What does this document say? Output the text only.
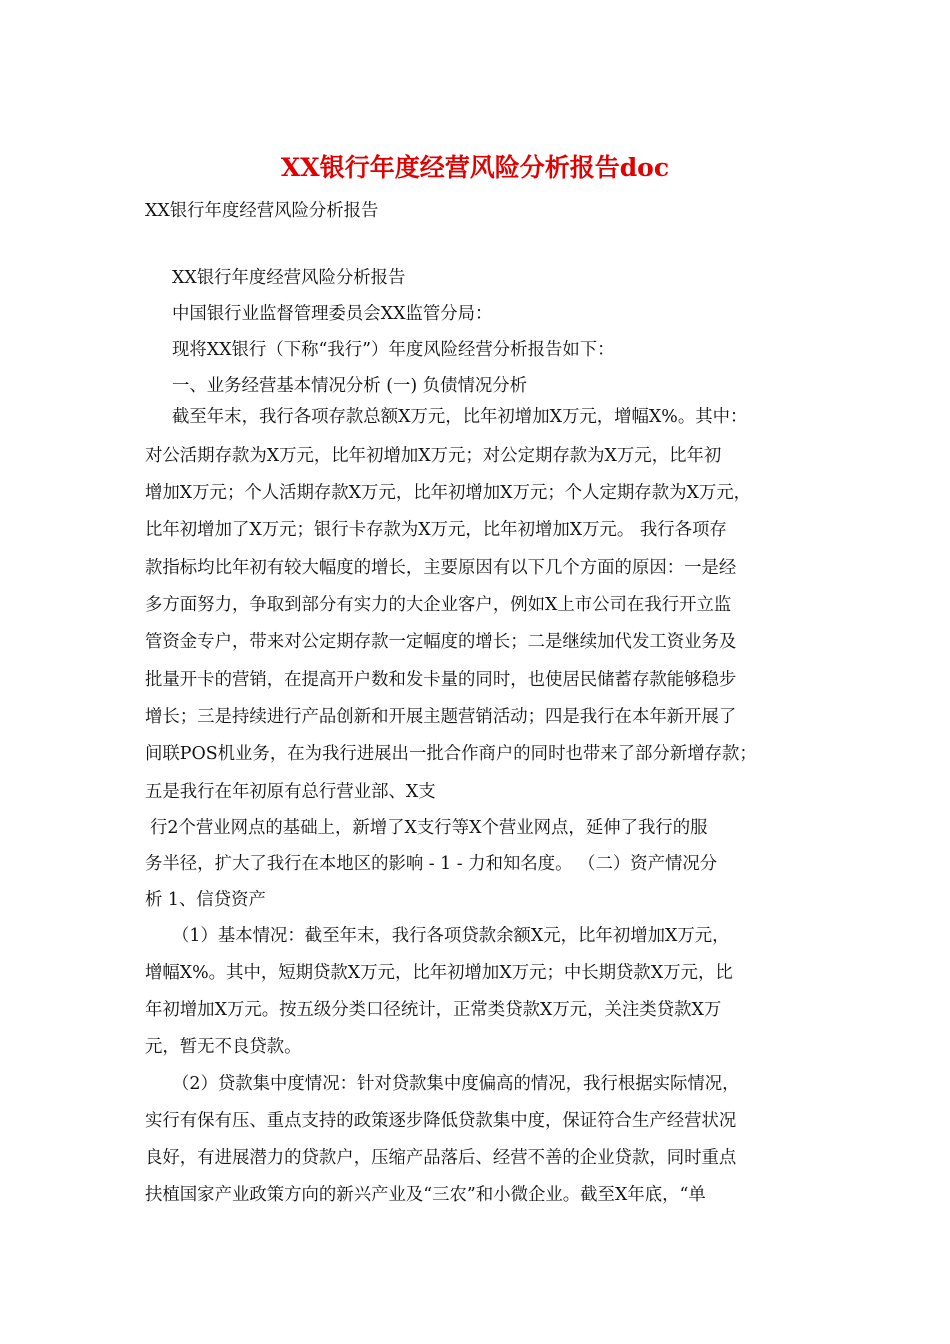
XX银行年度经营风险分析报告doc

XX银行年度经营风险分析报告

XX银行年度经营风险分析报告

中国银行业监督管理委员会XX监管分局：

现将XX银行（下称“我行”）年度风险经营分析报告如下：

一、业务经营基本情况分析 (一) 负债情况分析

截至年末，我行各项存款总额X万元，比年初增加X万元，增幅X%。其中：

对公活期存款为X万元，比年初增加X万元；对公定期存款为X万元，比年初

增加X万元；个人活期存款X万元，比年初增加X万元；个人定期存款为X万元，

比年初增加了X万元；银行卡存款为X万元，比年初增加X万元。 我行各项存

款指标均比年初有较大幅度的增长，主要原因有以下几个方面的原因：一是经

多方面努力，争取到部分有实力的大企业客户，例如X上市公司在我行开立监

管资金专户，带来对公定期存款一定幅度的增长；二是继续加代发工资业务及

批量开卡的营销，在提高开户数和发卡量的同时，也使居民储蓄存款能够稳步

增长；三是持续进行产品创新和开展主题营销活动；四是我行在本年新开展了

间联POS机业务，在为我行进展出一批合作商户的同时也带来了部分新增存款；

五是我行在年初原有总行营业部、X支

行2个营业网点的基础上，新增了X支行等X个营业网点，延伸了我行的服

务半径，扩大了我行在本地区的影响 - 1 - 力和知名度。 （二）资产情况分

析 1、信贷资产

（1）基本情况：截至年末，我行各项贷款余额X元，比年初增加X万元，

增幅X%。其中，短期贷款X万元，比年初增加X万元；中长期贷款X万元，比

年初增加X万元。按五级分类口径统计，正常类贷款X万元，关注类贷款X万

元，暂无不良贷款。

（2）贷款集中度情况：针对贷款集中度偏高的情况，我行根据实际情况，

实行有保有压、重点支持的政策逐步降低贷款集中度，保证符合生产经营状况

良好，有进展潜力的贷款户，压缩产品落后、经营不善的企业贷款，同时重点

扶植国家产业政策方向的新兴产业及“三农”和小微企业。截至X年底，“单
